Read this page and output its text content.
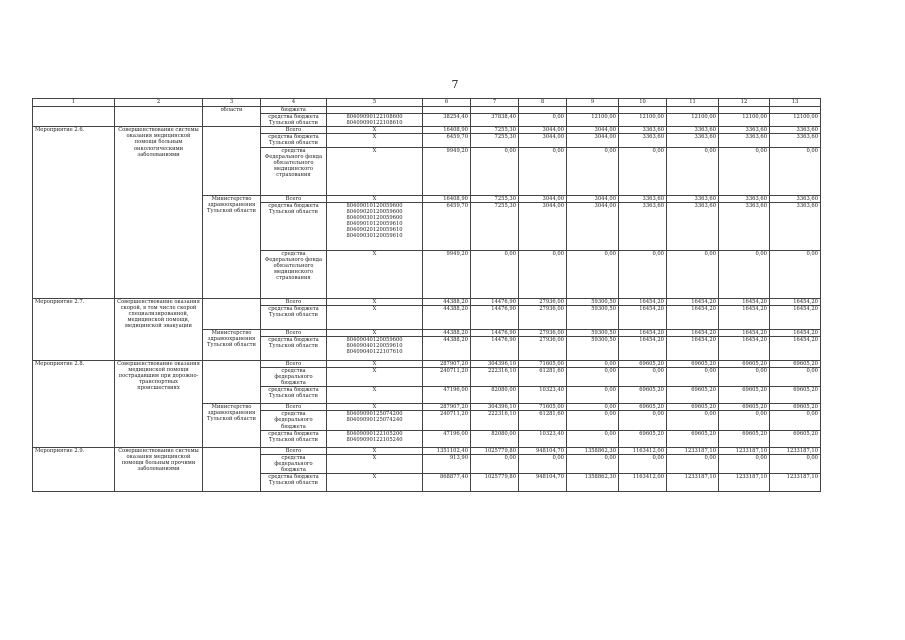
7
1	2	3	4	5	6	7	8	9	10	11	12	13
		области	бюджета									
			средства бюджета Тульской области	80409090122108600 80409090122108610	38254,40	37838,40	0,00	12100,00	12100,00	12100,00	12100,00	12100,00
Мероприятие 2.6.	Совершенствование системы оказания медицинской помощи больным онкологическими заболеваниями		Всего	X	16408,90	7255,30	3044,00	3044,00	3363,60	3363,60	3363,60	3363,60
			средства бюджета Тульской области	X	6459,70	7255,30	3044,00	3044,00	3363,60	3363,60	3363,60	3363,60
			средства Федерального фонда обязательного медицинского страхования	X	9949,20	0,00	0,00	0,00	0,00	0,00	0,00	0,00
		Министерство здравоохранения Тульской области	Всего	X	16408,90	7255,30	3044,00	3044,00	3363,60	3363,60	3363,60	3363,60
			средства бюджета Тульской области	80409010120059600 80409020120059600 80409030120059600 80409010120059610 80409020120059610 80409030120059610	6459,70	7255,30	3044,00	3044,00	3363,60	3363,60	3363,60	3363,60
			средства Федерального фонда обязательного медицинского страхования	X	9949,20	0,00	0,00	0,00	0,00	0,00	0,00	0,00
Мероприятие 2.7.	Совершенствование оказания скорой, в том числе скорой специализированной, медицинской помощи, медицинской эвакуации		Всего	X	44388,20	14476,90	27936,00	59300,50	16454,20	16454,20	16454,20	16454,20
			средства бюджета Тульской области	X	44388,20	14476,90	27936,00	59300,50	16454,20	16454,20	16454,20	16454,20
		Министерство здравоохранения Тульской области	Всего	X	44388,20	14476,90	27936,00	59300,50	16454,20	16454,20	16454,20	16454,20
			средства бюджета Тульской области	80409040120059600 80409040120059610 80409040122107610	44388,20	14476,90	27936,00	59300,50	16454,20	16454,20	16454,20	16454,20
Мероприятие 2.8.	Совершенствование оказания медицинской помощи пострадавшим при дорожно-транспортных происшествиях		Всего	X	287907,20	304396,10	71605,00	0,00	69605,20	69605,20	69605,20	69605,20
			средства федерального бюджета	X	240711,20	222316,10	61281,60	0,00	0,00	0,00	0,00	0,00
			средства бюджета Тульской области	X	47196,00	82080,00	10323,40	0,00	69605,20	69605,20	69605,20	69605,20
		Министерство здравоохранения Тульской области	Всего	X	287907,20	304396,10	71605,00	0,00	69605,20	69605,20	69605,20	69605,20
			средства федерального бюджета	80409090125074200 80409090125074240	240711,20	222316,10	61281,60	0,00	0,00	0,00	0,00	0,00
			средства бюджета Тульской области	80409090122105200 80409090122105240	47196,00	82080,00	10323,40	0,00	69605,20	69605,20	69605,20	69605,20
Мероприятие 2.9.	Совершенствование системы оказания медицинской помощи больным прочими заболеваниями		Всего	X	1351102,40	1025779,80	948104,70	1358862,30	1163412,00	1233187,10	1233187,10	1233187,10
			средства федерального бюджета	X	913,90	0,00	0,00	0,00	0,00	0,00	0,00	0,00
			средства бюджета Тульской области	X	868877,40	1025779,80	948104,70	1358862,30	1163412,00	1233187,10	1233187,10	1233187,10
